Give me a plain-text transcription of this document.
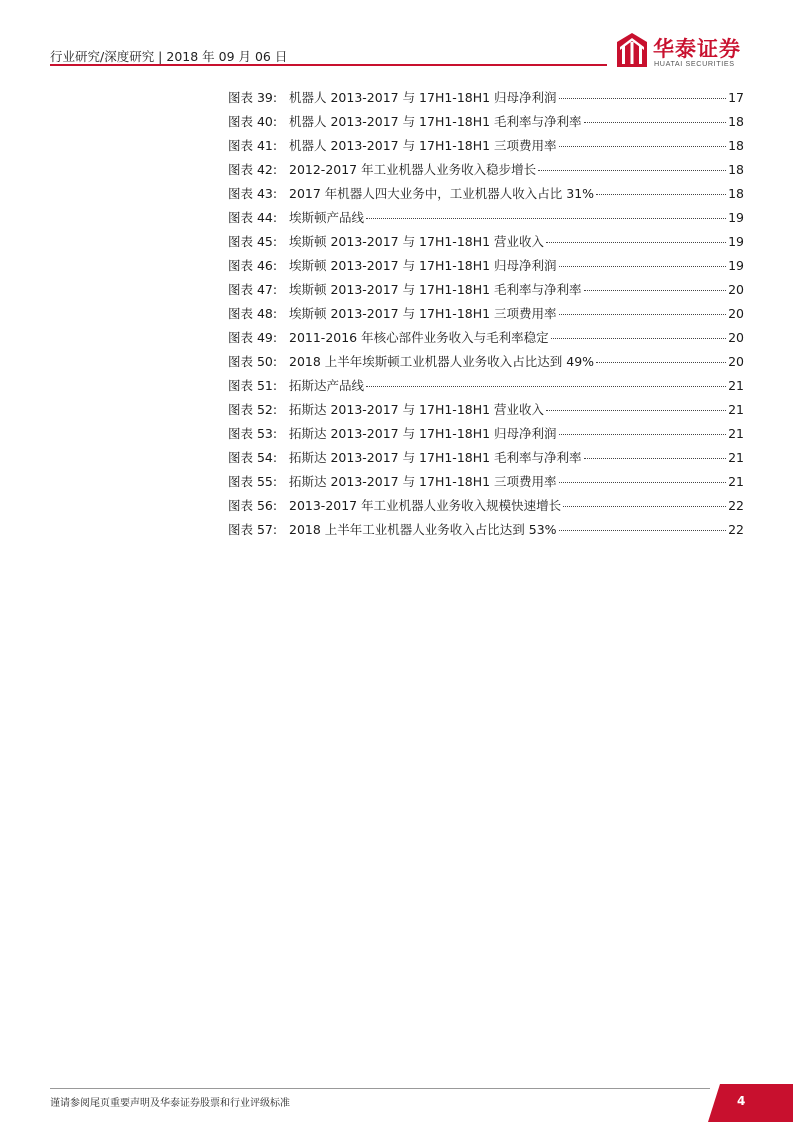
行业研究/深度研究 | 2018 年 09 月 06 日	华泰证券
HUATAI SECURITIES
图表 39: 机器人 2013-2017 与 17H1-18H1 归母净利润	17
图表 40: 机器人 2013-2017 与 17H1-18H1 毛利率与净利率	18
图表 41: 机器人 2013-2017 与 17H1-18H1 三项费用率	18
图表 42: 2012-2017 年工业机器人业务收入稳步增长	18
图表 43: 2017 年机器人四大业务中，工业机器人收入占比 31%	18
图表 44: 埃斯顿产品线	19
图表 45: 埃斯顿 2013-2017 与 17H1-18H1 营业收入	19
图表 46: 埃斯顿 2013-2017 与 17H1-18H1 归母净利润	19
图表 47: 埃斯顿 2013-2017 与 17H1-18H1 毛利率与净利率	20
图表 48: 埃斯顿 2013-2017 与 17H1-18H1 三项费用率	20
图表 49: 2011-2016 年核心部件业务收入与毛利率稳定	20
图表 50: 2018 上半年埃斯顿工业机器人业务收入占比达到 49%	20
图表 51: 拓斯达产品线	21
图表 52: 拓斯达 2013-2017 与 17H1-18H1 营业收入	21
图表 53: 拓斯达 2013-2017 与 17H1-18H1 归母净利润	21
图表 54: 拓斯达 2013-2017 与 17H1-18H1 毛利率与净利率	21
图表 55: 拓斯达 2013-2017 与 17H1-18H1 三项费用率	21
图表 56: 2013-2017 年工业机器人业务收入规模快速增长	22
图表 57: 2018 上半年工业机器人业务收入占比达到 53%	22
谨请参阅尾页重要声明及华泰证券股票和行业评级标准	4
